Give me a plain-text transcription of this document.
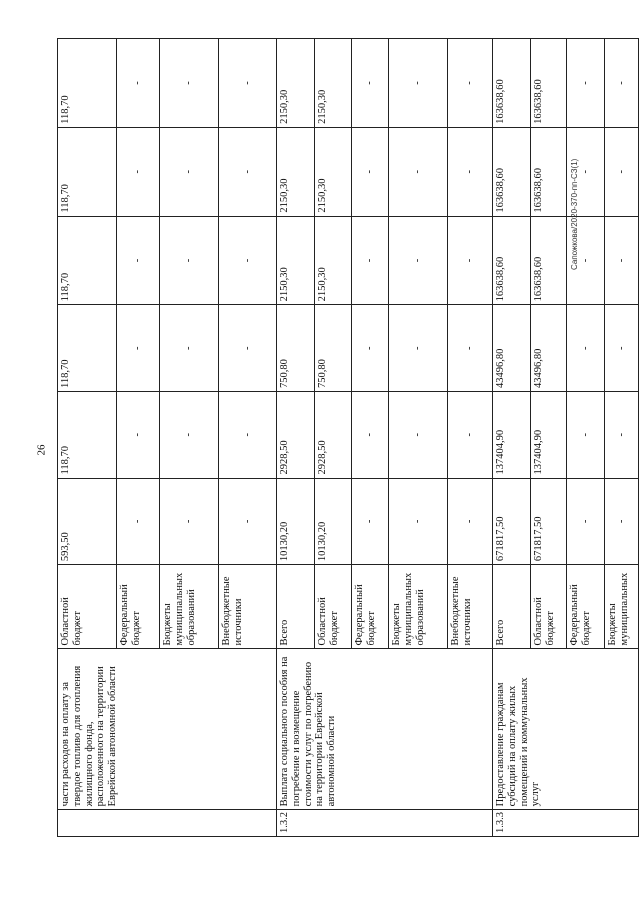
26
Сапожкова/2020-370-пп-СЗ(1)
	части расходов на оплату за твердое топливо для отопления жилищного фонда, расположенного на территории Еврейской автономной области	Областной бюджет	593,50	118,70	118,70	118,70	118,70	118,70
		Федеральный бюджет	-	-	-	-	-	-
		Бюджеты муниципальных образований	-	-	-	-	-	-
		Внебюджетные источники	-	-	-	-	-	-
1.3.2	Выплата социального пособия на погребение и возмещение стоимости услуг по погребению на территории Еврейской автономной области	Всего	10130,20	2928,50	750,80	2150,30	2150,30	2150,30
		Областной бюджет	10130,20	2928,50	750,80	2150,30	2150,30	2150,30
		Федеральный бюджет	-	-	-	-	-	-
		Бюджеты муниципальных образований	-	-	-	-	-	-
		Внебюджетные источники	-	-	-	-	-	-
1.3.3	Предоставление гражданам субсидий на оплату жилых помещений и коммунальных услуг	Всего	671817,50	137404,90	43496,80	163638,60	163638,60	163638,60
		Областной бюджет	671817,50	137404,90	43496,80	163638,60	163638,60	163638,60
		Федеральный бюджет	-	-	-	-	-	-
		Бюджеты муниципальных	-	-	-	-	-	-
